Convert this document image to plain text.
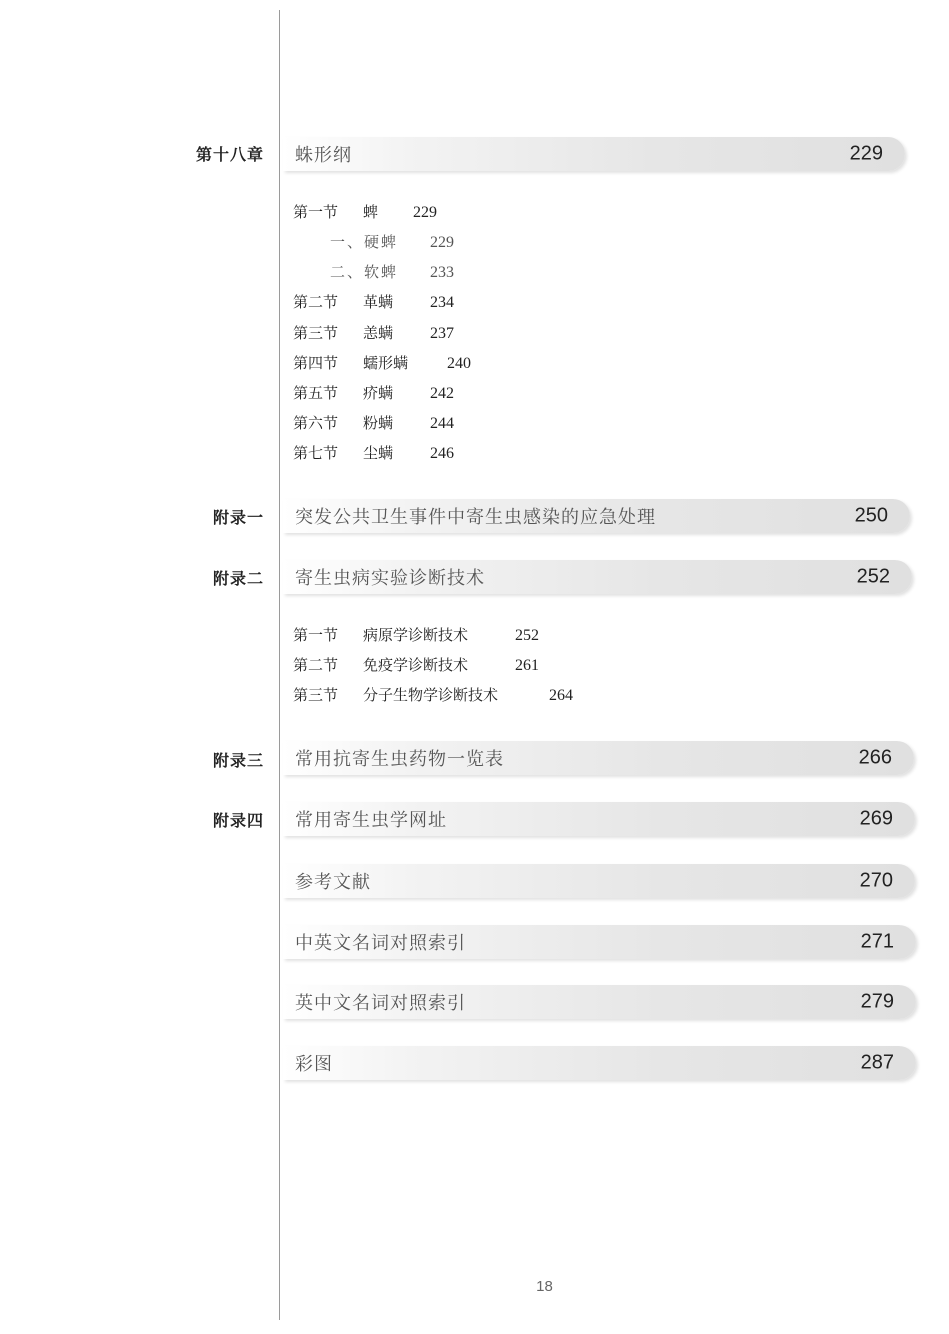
第十八章 蛛形纲	229
第一节 蜱 229
一、硬蜱 229
二、软蜱 233
第二节 革螨 234
第三节 恙螨 237
第四节 蠕形螨 240
第五节 疥螨 242
第六节 粉螨 244
第七节 尘螨 246
附录一 突发公共卫生事件中寄生虫感染的应急处理	250
附录二 寄生虫病实验诊断技术	252
第一节 病原学诊断技术	252
第二节 免疫学诊断技术	261
第三节 分子生物学诊断技术	264
附录三 常用抗寄生虫药物一览表	266
附录四 常用寄生虫学网址	269
参考文献	270
中英文名词对照索引	271
英中文名词对照索引	279
彩图	287
18
